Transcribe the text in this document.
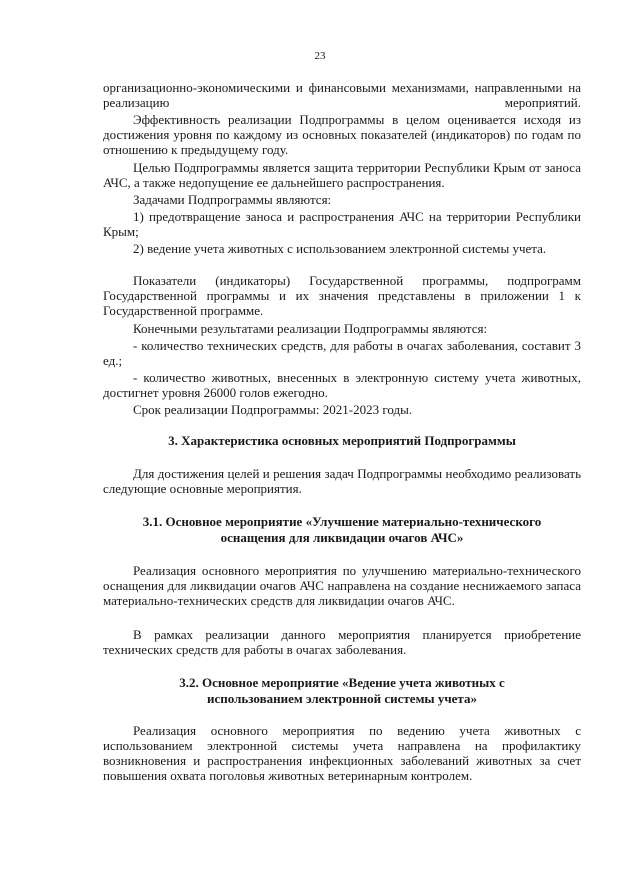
23

организационно-экономическими и финансовыми механизмами, направленными на реализацию мероприятий.

Эффективность реализации Подпрограммы в целом оценивается исходя из достижения уровня по каждому из основных показателей (индикаторов) по годам по отношению к предыдущему году.

Целью Подпрограммы является защита территории Республики Крым от заноса АЧС, а также недопущение ее дальнейшего распространения.

Задачами Подпрограммы являются:

1) предотвращение заноса и распространения АЧС на территории Республики Крым;

2) ведение учета животных с использованием электронной системы учета.

Показатели (индикаторы) Государственной программы, подпрограмм Государственной программы и их значения представлены в приложении 1 к Государственной программе.

Конечными результатами реализации Подпрограммы являются:

- количество технических средств, для работы в очагах заболевания, составит 3 ед.;

- количество животных, внесенных в электронную систему учета животных, достигнет уровня 26000 голов ежегодно.

Срок реализации Подпрограммы: 2021-2023 годы.

3. Характеристика основных мероприятий Подпрограммы

Для достижения целей и решения задач Подпрограммы необходимо реализовать следующие основные мероприятия.

3.1. Основное мероприятие «Улучшение материально-технического оснащения для ликвидации очагов АЧС»

Реализация основного мероприятия по улучшению материально-технического оснащения для ликвидации очагов АЧС направлена на создание неснижаемого запаса материально-технических средств для ликвидации очагов АЧС.

В рамках реализации данного мероприятия планируется приобретение технических средств для работы в очагах заболевания.

3.2. Основное мероприятие «Ведение учета животных с использованием электронной системы учета»

Реализация основного мероприятия по ведению учета животных с использованием электронной системы учета направлена на профилактику возникновения и распространения инфекционных заболеваний животных за счет повышения охвата поголовья животных ветеринарным контролем.
